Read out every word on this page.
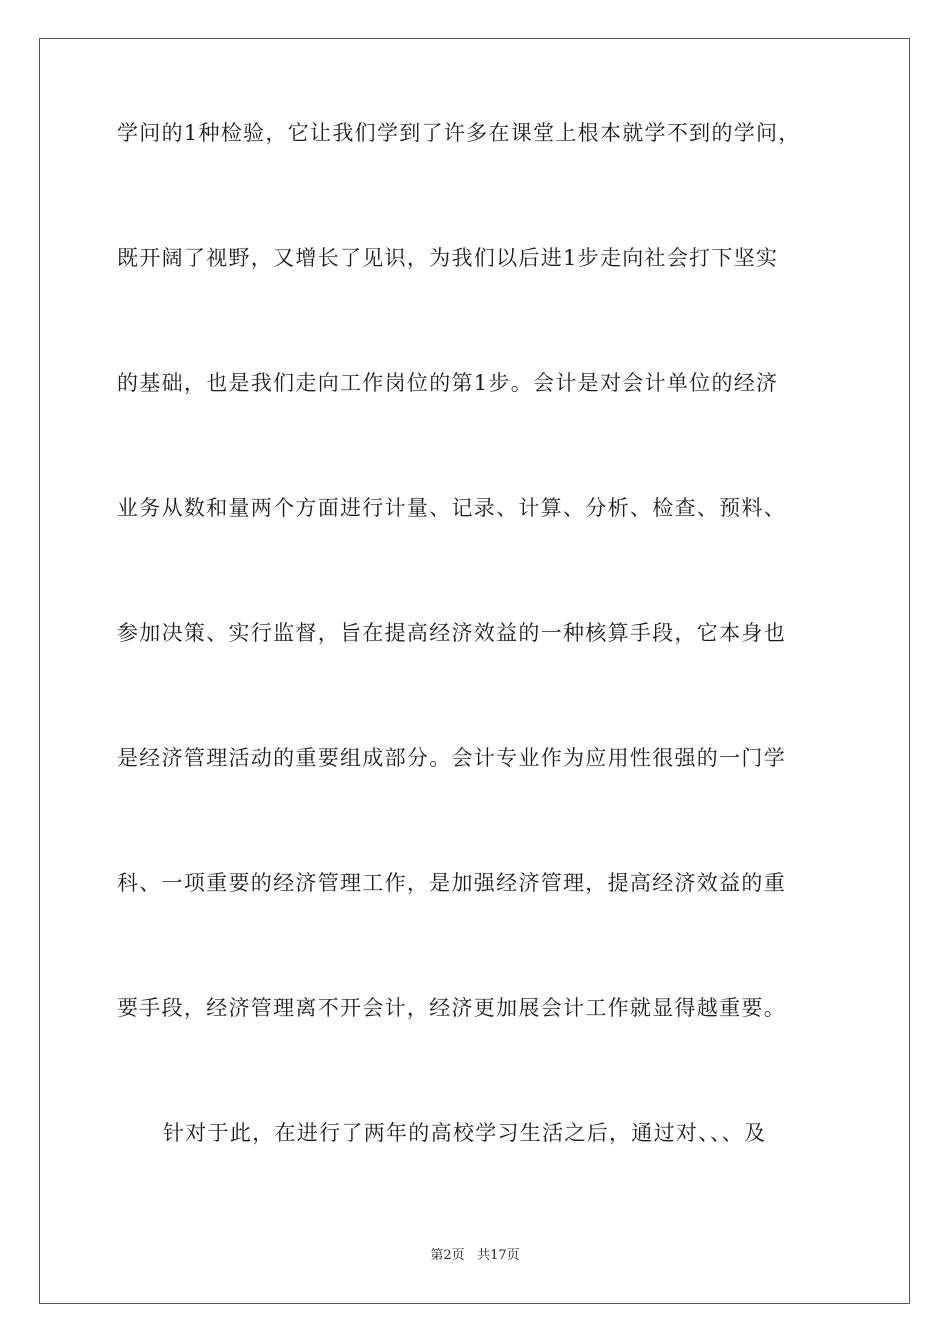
学问的1种检验，它让我们学到了许多在课堂上根本就学不到的学问，
既开阔了视野，又增长了见识，为我们以后进1步走向社会打下坚实
的基础，也是我们走向工作岗位的第1步。会计是对会计单位的经济
业务从数和量两个方面进行计量、记录、计算、分析、检查、预料、
参加决策、实行监督，旨在提高经济效益的一种核算手段，它本身也
是经济管理活动的重要组成部分。会计专业作为应用性很强的一门学
科、一项重要的经济管理工作，是加强经济管理，提高经济效益的重
要手段，经济管理离不开会计，经济更加展会计工作就显得越重要。
针对于此，在进行了两年的高校学习生活之后，通过对、、、及
第2页 共17页
